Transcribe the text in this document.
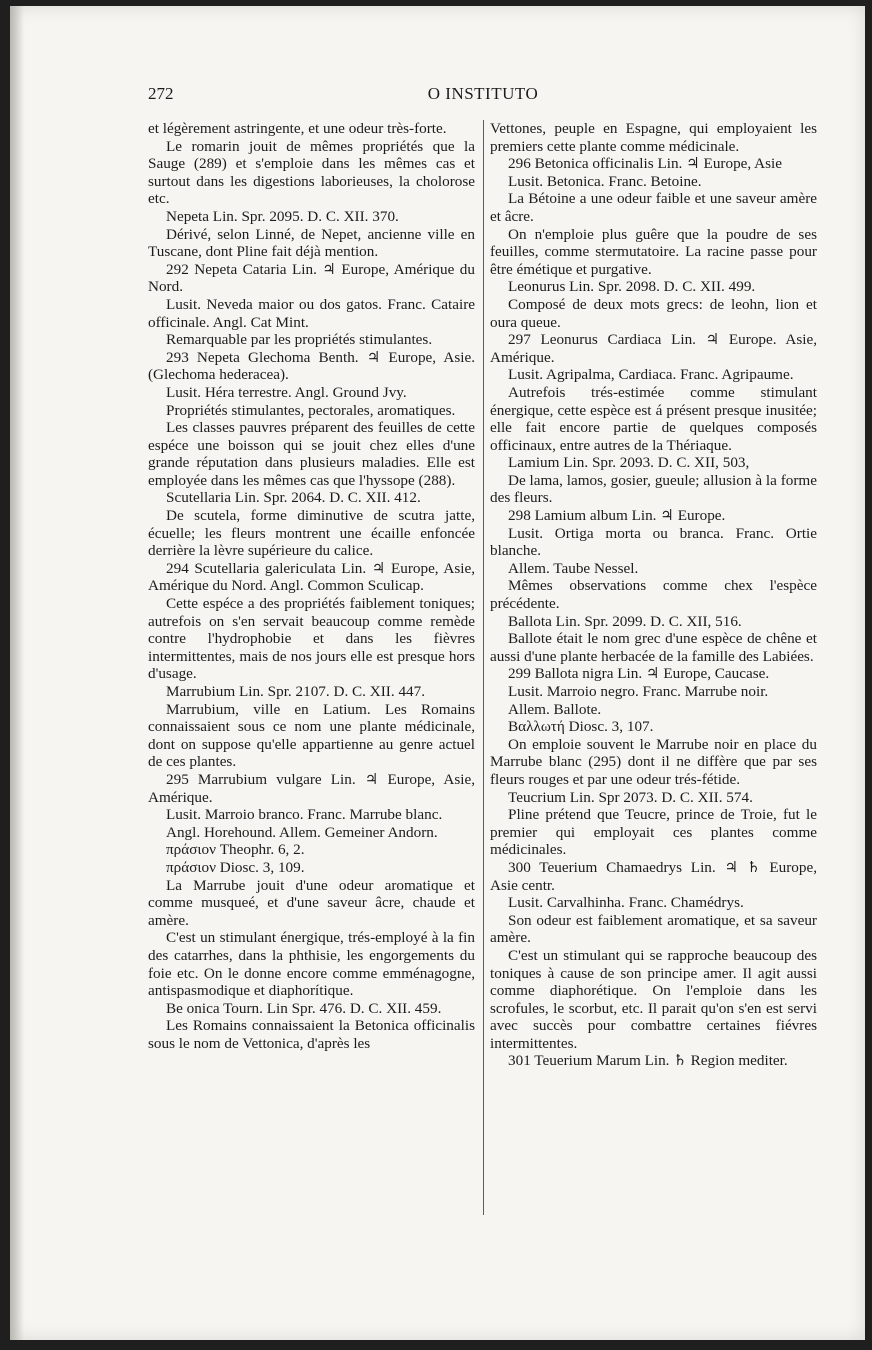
272	O INSTITUTO

et légèrement astringente, et une odeur très-forte.

Le romarin jouit de mêmes propriétés que la Sauge (289) et s'emploie dans les mêmes cas et surtout dans les digestions laborieuses, la cholorose etc.

Nepeta Lin. Spr. 2095. D. C. XII. 370.

Dérivé, selon Linné, de Nepet, ancienne ville en Tuscane, dont Pline fait déjà mention.

292 Nepeta Cataria Lin. ♃ Europe, Amérique du Nord.

Lusit. Neveda maior ou dos gatos. Franc. Cataire officinale. Angl. Cat Mint.

Remarquable par les propriétés stimulantes.

293 Nepeta Glechoma Benth. ♃ Europe, Asie. (Glechoma hederacea).

Lusit. Héra terrestre. Angl. Ground Jvy.

Propriétés stimulantes, pectorales, aromatiques.

Les classes pauvres préparent des feuilles de cette espéce une boisson qui se jouit chez elles d'une grande réputation dans plusieurs maladies. Elle est employée dans les mêmes cas que l'hyssope (288).

Scutellaria Lin. Spr. 2064. D. C. XII. 412.

De scutela, forme diminutive de scutra jatte, écuelle; les fleurs montrent une écaille enfoncée derrière la lèvre supérieure du calice.

294 Scutellaria galericulata Lin. ♃ Europe, Asie, Amérique du Nord. Angl. Common Sculicap.

Cette espéce a des propriétés faiblement toniques; autrefois on s'en servait beaucoup comme remède contre l'hydrophobie et dans les fièvres intermittentes, mais de nos jours elle est presque hors d'usage.

Marrubium Lin. Spr. 2107. D. C. XII. 447.

Marrubium, ville en Latium. Les Romains connaissaient sous ce nom une plante médicinale, dont on suppose qu'elle appartienne au genre actuel de ces plantes.

295 Marrubium vulgare Lin. ♃ Europe, Asie, Amérique.

Lusit. Marroio branco. Franc. Marrube blanc.

Angl. Horehound. Allem. Gemeiner Andorn.

πράσιον Theophr. 6, 2.

πράσιον Diosc. 3, 109.

La Marrube jouit d'une odeur aromatique et comme musqueé, et d'une saveur âcre, chaude et amère.

C'est un stimulant énergique, trés-employé à la fin des catarrhes, dans la phthisie, les engorgements du foie etc. On le donne encore comme emménagogne, antispasmodique et diaphorítique.

Be onica Tourn. Lin Spr. 476. D. C. XII. 459.

Les Romains connaissaient la Betonica officinalis sous le nom de Vettonica, d'après les

Vettones, peuple en Espagne, qui employaient les premiers cette plante comme médicinale.

296 Betonica officinalis Lin. ♃ Europe, Asie

Lusit. Betonica. Franc. Betoine.

La Bétoine a une odeur faible et une saveur amère et âcre.

On n'emploie plus guêre que la poudre de ses feuilles, comme stermutatoire. La racine passe pour être émétique et purgative.

Leonurus Lin. Spr. 2098. D. C. XII. 499.

Composé de deux mots grecs: de leohn, lion et oura queue.

297 Leonurus Cardiaca Lin. ♃ Europe. Asie, Amérique.

Lusit. Agripalma, Cardiaca. Franc. Agripaume.

Autrefois trés-estimée comme stimulant énergique, cette espèce est á présent presque inusitée; elle fait encore partie de quelques composés officinaux, entre autres de la Thériaque.

Lamium Lin. Spr. 2093. D. C. XII, 503,

De lama, lamos, gosier, gueule; allusion à la forme des fleurs.

298 Lamium album Lin. ♃ Europe.

Lusit. Ortiga morta ou branca. Franc. Ortie blanche.

Allem. Taube Nessel.

Mêmes observations comme chex l'espèce précédente.

Ballota Lin. Spr. 2099. D. C. XII, 516.

Ballote était le nom grec d'une espèce de chêne et aussi d'une plante herbacée de la famille des Labiées.

299 Ballota nigra Lin. ♃ Europe, Caucase.

Lusit. Marroio negro. Franc. Marrube noir.

Allem. Ballote.

Βαλλωτή Diosc. 3, 107.

On emploie souvent le Marrube noir en place du Marrube blanc (295) dont il ne diffère que par ses fleurs rouges et par une odeur trés-fétide.

Teucrium Lin. Spr 2073. D. C. XII. 574.

Pline prétend que Teucre, prince de Troie, fut le premier qui employait ces plantes comme médicinales.

300 Teuerium Chamaedrys Lin. ♃ ♄ Europe, Asie centr.

Lusit. Carvalhinha. Franc. Chamédrys.

Son odeur est faiblement aromatique, et sa saveur amère.

C'est un stimulant qui se rapproche beaucoup des toniques à cause de son principe amer. Il agit aussi comme diaphorétique. On l'emploie dans les scrofules, le scorbut, etc. Il parait qu'on s'en est servi avec succès pour combattre certaines fiévres intermittentes.

301 Teuerium Marum Lin. ♄ Region mediter.
